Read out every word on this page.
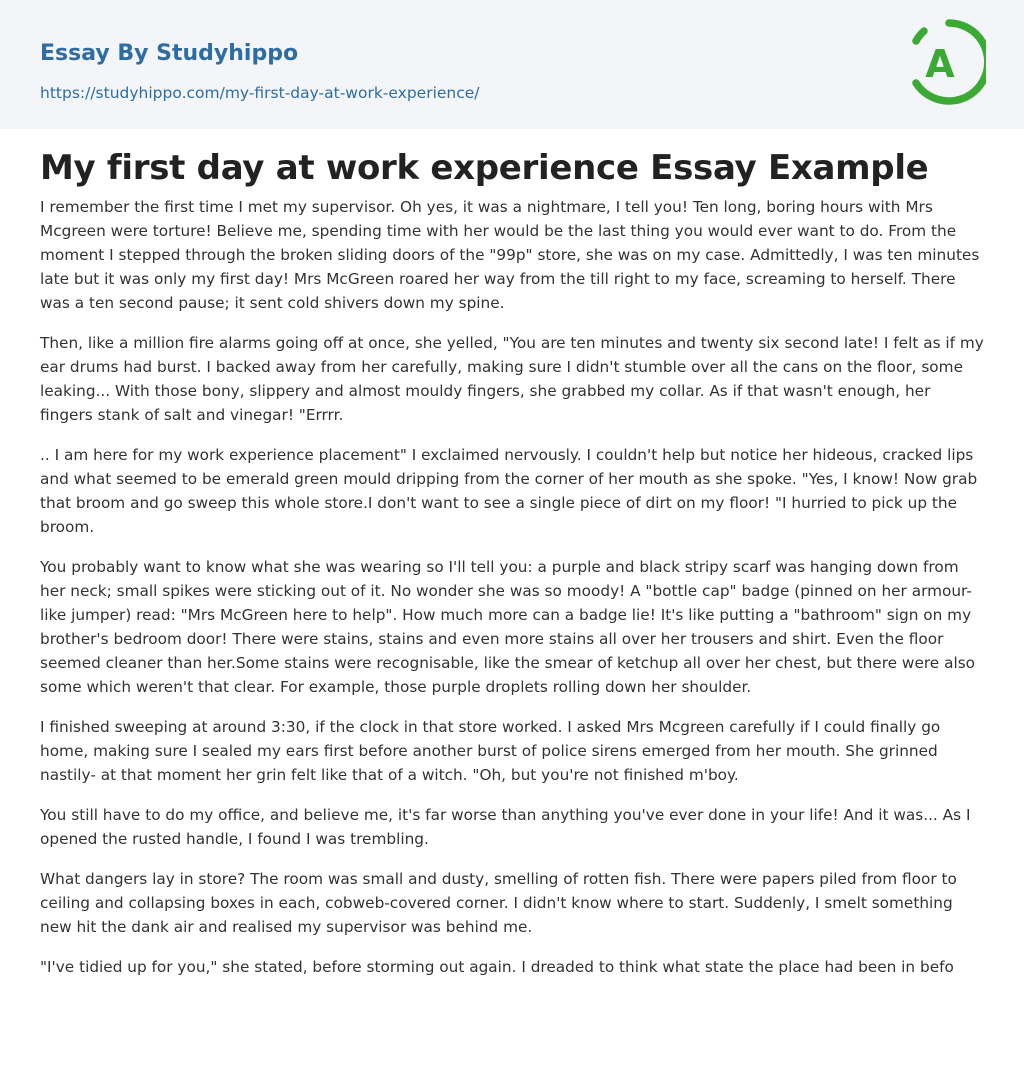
Essay By Studyhippo
https://studyhippo.com/my-first-day-at-work-experience/
A
My first day at work experience Essay Example

I remember the first time I met my supervisor. Oh yes, it was a nightmare, I tell you! Ten long, boring hours with Mrs Mcgreen were torture! Believe me, spending time with her would be the last thing you would ever want to do. From the moment I stepped through the broken sliding doors of the "99p" store, she was on my case. Admittedly, I was ten minutes late but it was only my first day! Mrs McGreen roared her way from the till right to my face, screaming to herself. There was a ten second pause; it sent cold shivers down my spine.

Then, like a million fire alarms going off at once, she yelled, "You are ten minutes and twenty six second late! I felt as if my ear drums had burst. I backed away from her carefully, making sure I didn't stumble over all the cans on the floor, some leaking... With those bony, slippery and almost mouldy fingers, she grabbed my collar. As if that wasn't enough, her fingers stank of salt and vinegar! "Errrr.

.. I am here for my work experience placement" I exclaimed nervously. I couldn't help but notice her hideous, cracked lips and what seemed to be emerald green mould dripping from the corner of her mouth as she spoke. "Yes, I know! Now grab that broom and go sweep this whole store.I don't want to see a single piece of dirt on my floor! "I hurried to pick up the broom.

You probably want to know what she was wearing so I'll tell you: a purple and black stripy scarf was hanging down from her neck; small spikes were sticking out of it. No wonder she was so moody! A "bottle cap" badge (pinned on her armour-like jumper) read: "Mrs McGreen here to help". How much more can a badge lie! It's like putting a "bathroom" sign on my brother's bedroom door! There were stains, stains and even more stains all over her trousers and shirt. Even the floor seemed cleaner than her.Some stains were recognisable, like the smear of ketchup all over her chest, but there were also some which weren't that clear. For example, those purple droplets rolling down her shoulder.

I finished sweeping at around 3:30, if the clock in that store worked. I asked Mrs Mcgreen carefully if I could finally go home, making sure I sealed my ears first before another burst of police sirens emerged from her mouth. She grinned nastily- at that moment her grin felt like that of a witch. "Oh, but you're not finished m'boy.

You still have to do my office, and believe me, it's far worse than anything you've ever done in your life! And it was... As I opened the rusted handle, I found I was trembling.

What dangers lay in store? The room was small and dusty, smelling of rotten fish. There were papers piled from floor to ceiling and collapsing boxes in each, cobweb-covered corner. I didn't know where to start. Suddenly, I smelt something new hit the dank air and realised my supervisor was behind me.

"I've tidied up for you," she stated, before storming out again. I dreaded to think what state the place had been in befo
